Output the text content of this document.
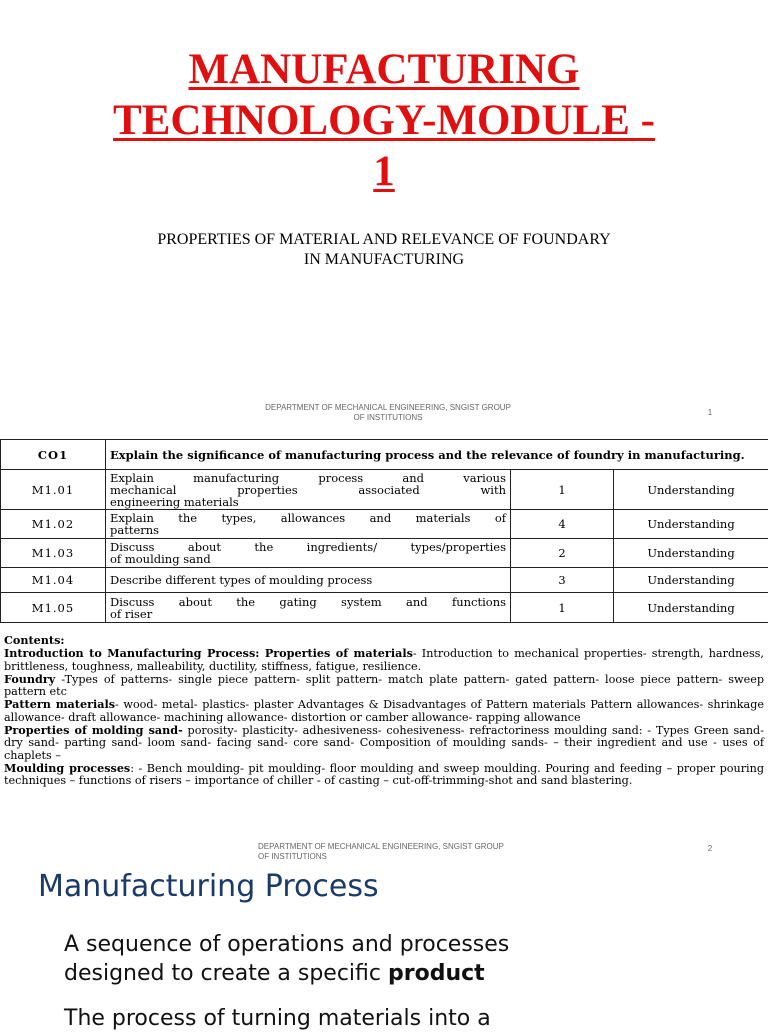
MANUFACTURING
TECHNOLOGY-MODULE -
1
PROPERTIES OF MATERIAL AND RELEVANCE OF FOUNDARY
IN MANUFACTURING
DEPARTMENT OF MECHANICAL ENGINEERING, SNGIST GROUP
OF INSTITUTIONS
1
CO1	Explain the significance of manufacturing process and the relevance of foundry in manufacturing.		
M1.01	Explain manufacturing process and various
mechanical properties associated with
engineering materials	1	Understanding
M1.02	Explain the types, allowances and materials of
patterns	4	Understanding
M1.03	Discuss about the ingredients/ types/properties
of moulding sand	2	Understanding
M1.04	Describe different types of moulding process	3	Understanding
M1.05	Discuss about the gating system and functions
of riser	1	Understanding

Contents:

Introduction to Manufacturing Process: Properties of materials- Introduction to mechanical properties- strength, hardness, brittleness, toughness, malleability, ductility, stiffness, fatigue, resilience.

Foundry -Types of patterns- single piece pattern- split pattern- match plate pattern- gated pattern- loose piece pattern- sweep pattern etc

Pattern materials- wood- metal- plastics- plaster Advantages & Disadvantages of Pattern materials Pattern allowances- shrinkage allowance- draft allowance- machining allowance- distortion or camber allowance- rapping allowance

Properties of molding sand- porosity- plasticity- adhesiveness- cohesiveness- refractoriness moulding sand: - Types Green sand- dry sand- parting sand- loom sand- facing sand- core sand- Composition of moulding sands- – their ingredient and use - uses of chaplets –

Moulding processes: - Bench moulding- pit moulding- floor moulding and sweep moulding. Pouring and feeding – proper pouring techniques – functions of risers – importance of chiller - of casting – cut-off-trimming-shot and sand blastering.

DEPARTMENT OF MECHANICAL ENGINEERING, SNGIST GROUP
OF INSTITUTIONS
2
Manufacturing Process
A sequence of operations and processes
designed to create a specific product
The process of turning materials into a
